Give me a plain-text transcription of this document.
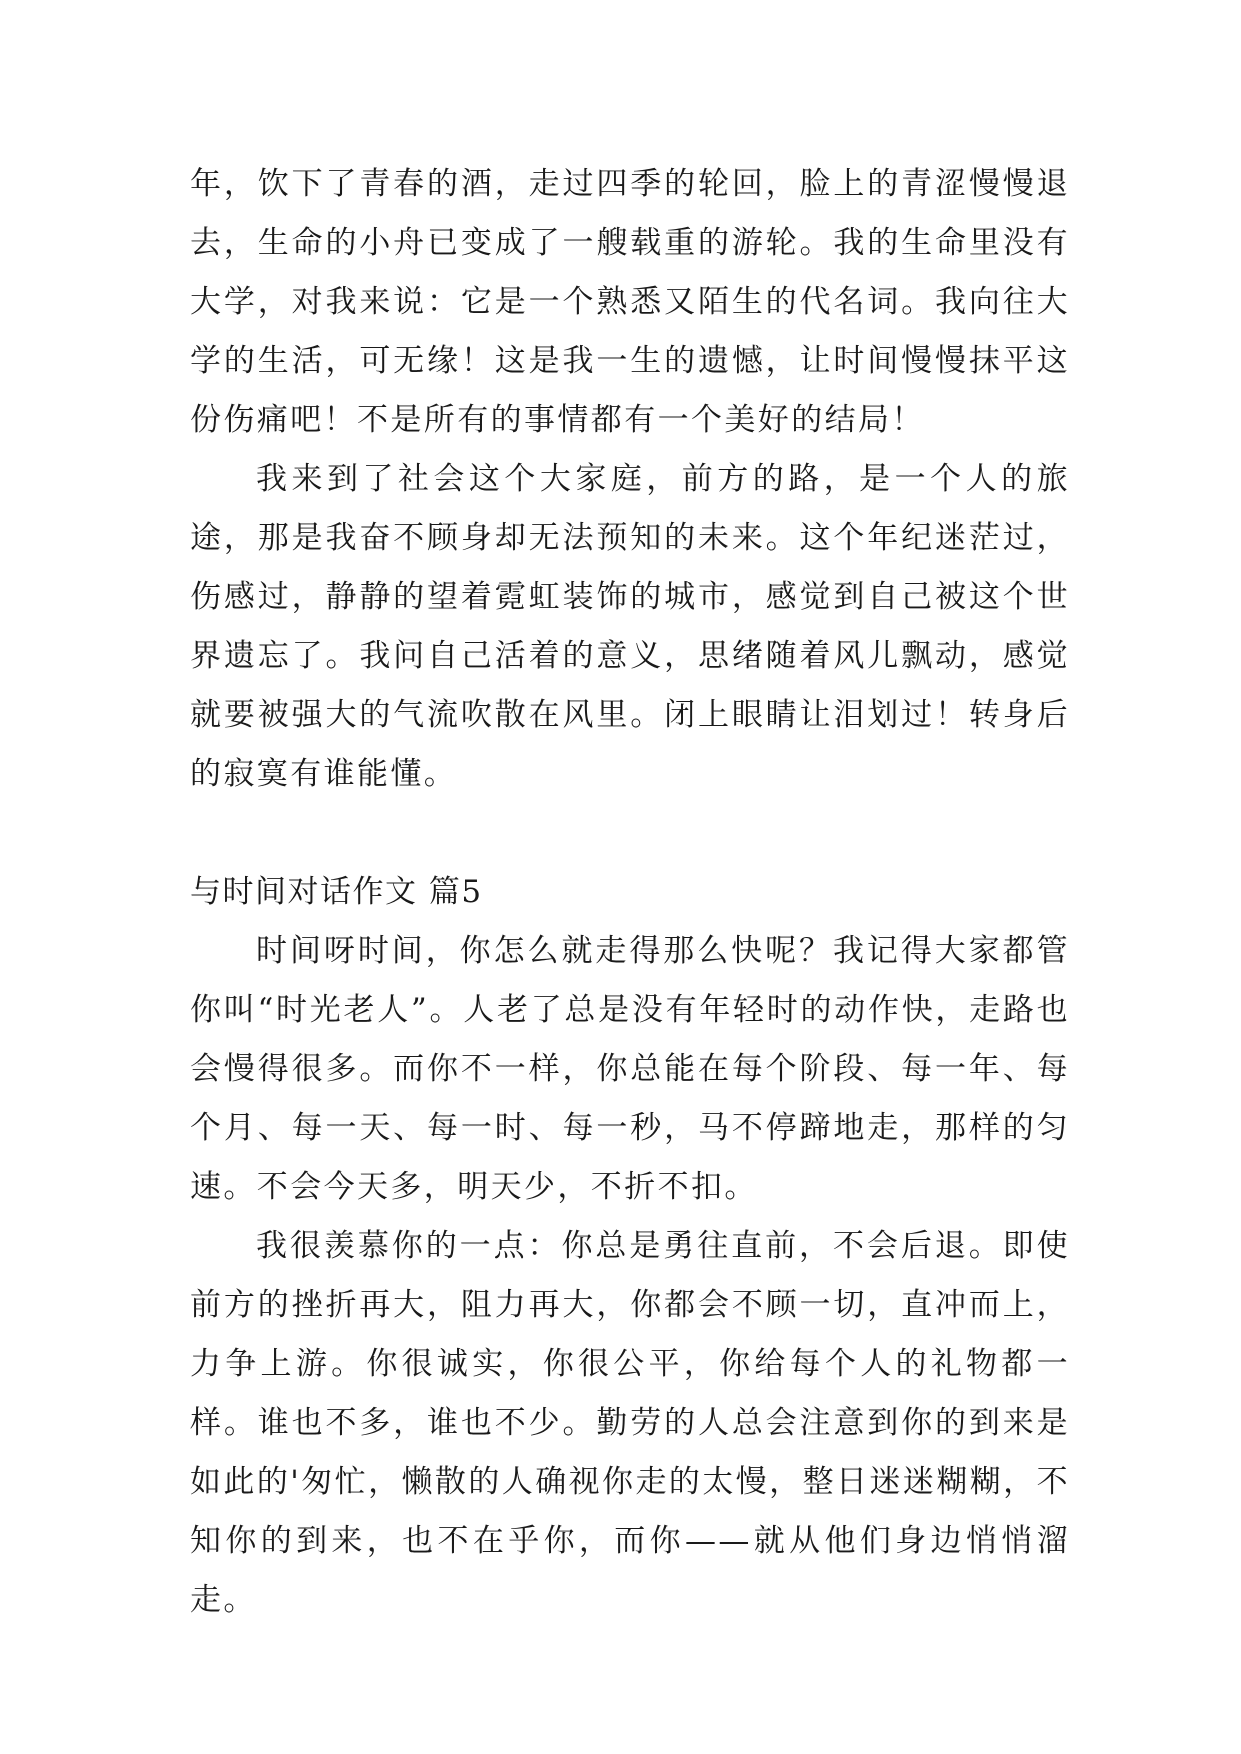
年，饮下了青春的酒，走过四季的轮回，脸上的青涩慢慢退去，生命的小舟已变成了一艘载重的游轮。我的生命里没有大学，对我来说：它是一个熟悉又陌生的代名词。我向往大学的生活，可无缘！这是我一生的遗憾，让时间慢慢抹平这份伤痛吧！不是所有的事情都有一个美好的结局！

我来到了社会这个大家庭，前方的路，是一个人的旅途，那是我奋不顾身却无法预知的未来。这个年纪迷茫过，伤感过，静静的望着霓虹装饰的城市，感觉到自己被这个世界遗忘了。我问自己活着的意义，思绪随着风儿飘动，感觉就要被强大的气流吹散在风里。闭上眼睛让泪划过！转身后的寂寞有谁能懂。

与时间对话作文 篇5

时间呀时间，你怎么就走得那么快呢？我记得大家都管你叫“时光老人”。人老了总是没有年轻时的动作快，走路也会慢得很多。而你不一样，你总能在每个阶段、每一年、每个月、每一天、每一时、每一秒，马不停蹄地走，那样的匀速。不会今天多，明天少，不折不扣。

我很羡慕你的一点：你总是勇往直前，不会后退。即使前方的挫折再大，阻力再大，你都会不顾一切，直冲而上，力争上游。你很诚实，你很公平，你给每个人的礼物都一样。谁也不多，谁也不少。勤劳的人总会注意到你的到来是如此的'匆忙，懒散的人确视你走的太慢，整日迷迷糊糊，不知你的到来，也不在乎你，而你——就从他们身边悄悄溜走。
